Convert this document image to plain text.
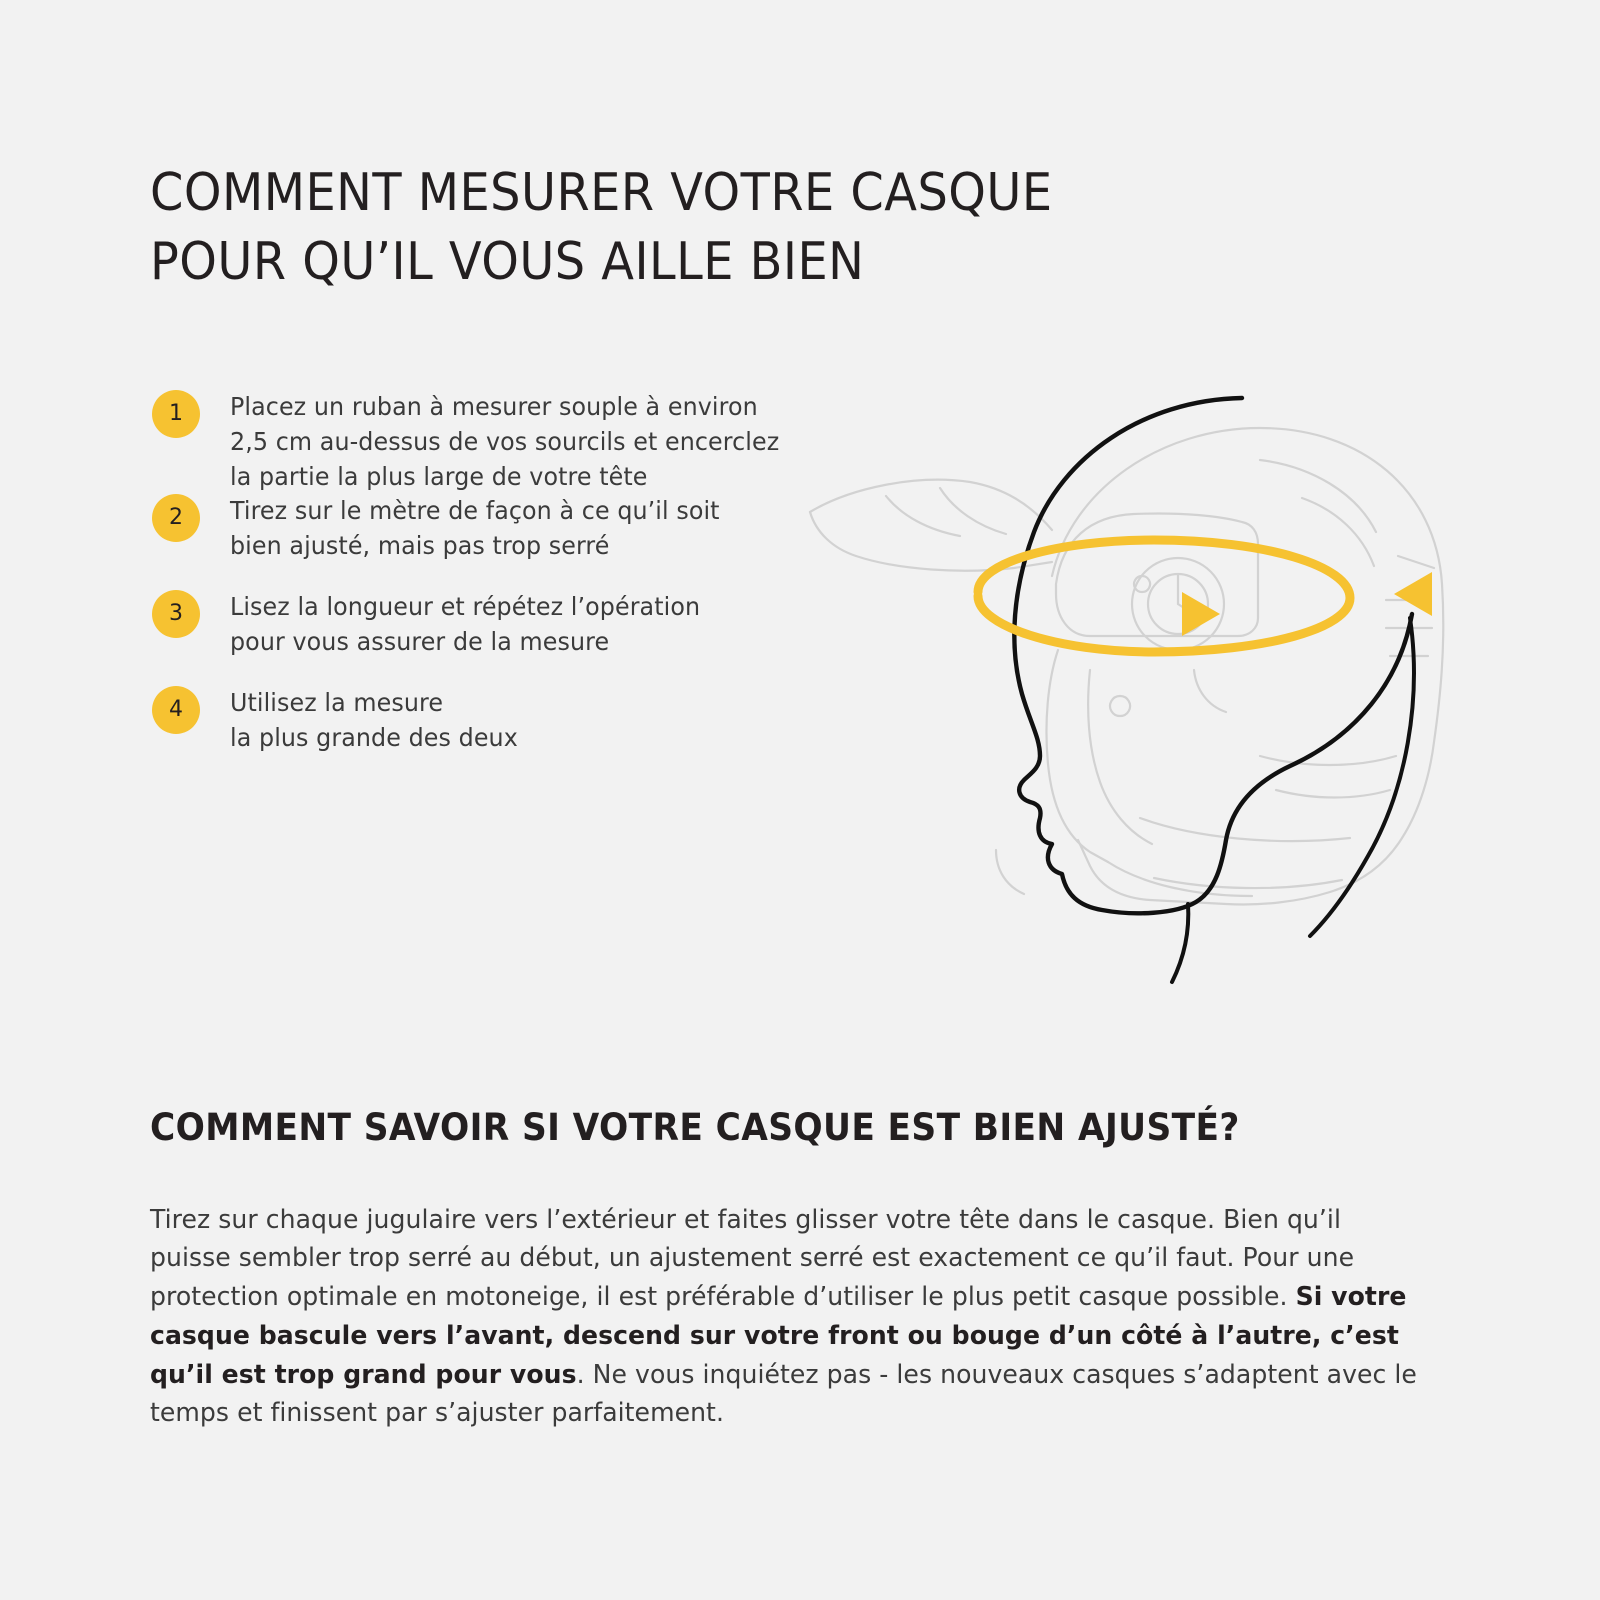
COMMENT MESURER VOTRE CASQUE
POUR QU’IL VOUS AILLE BIEN
1	Placez un ruban à mesurer souple à environ
2,5 cm au-dessus de vos sourcils et encerclez
la partie la plus large de votre tête
2	Tirez sur le mètre de façon à ce qu’il soit
bien ajusté, mais pas trop serré
3	Lisez la longueur et répétez l’opération
pour vous assurer de la mesure
4	Utilisez la mesure
la plus grande des deux
COMMENT SAVOIR SI VOTRE CASQUE EST BIEN AJUSTÉ?

Tirez sur chaque jugulaire vers l’extérieur et faites glisser votre tête dans le casque. Bien qu’il puisse sembler trop serré au début, un ajustement serré est exactement ce qu’il faut. Pour une protection optimale en motoneige, il est préférable d’utiliser le plus petit casque possible. Si votre casque bascule vers l’avant, descend sur votre front ou bouge d’un côté à l’autre, c’est qu’il est trop grand pour vous. Ne vous inquiétez pas - les nouveaux casques s’adaptent avec le temps et finissent par s’ajuster parfaitement.
